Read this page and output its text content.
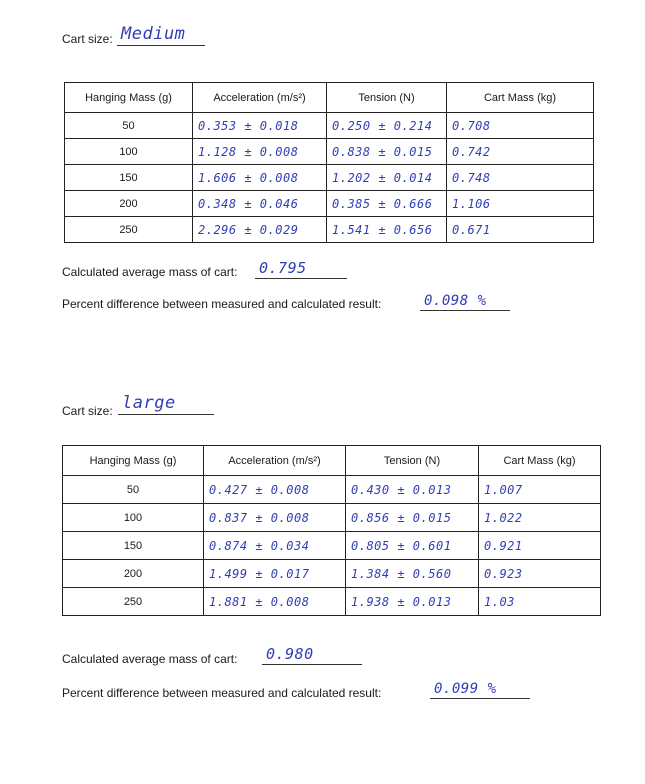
Cart size: Medium
Hanging Mass (g)	Acceleration (m/s²)	Tension (N)	Cart Mass (kg)
50	0.353 ± 0.018	0.250 ± 0.214	0.708
100	1.128 ± 0.008	0.838 ± 0.015	0.742
150	1.606 ± 0.008	1.202 ± 0.014	0.748
200	0.348 ± 0.046	0.385 ± 0.666	1.106
250	2.296 ± 0.029	1.541 ± 0.656	0.671
Calculated average mass of cart: 0.795
Percent difference between measured and calculated result:	0.098 %
Cart size: large
Hanging Mass (g)	Acceleration (m/s²)	Tension (N)	Cart Mass (kg)
50	0.427 ± 0.008	0.430 ± 0.013	1.007
100	0.837 ± 0.008	0.856 ± 0.015	1.022
150	0.874 ± 0.034	0.805 ± 0.601	0.921
200	1.499 ± 0.017	1.384 ± 0.560	0.923
250	1.881 ± 0.008	1.938 ± 0.013	1.03
Calculated average mass of cart: 0.980
Percent difference between measured and calculated result:	0.099 %
